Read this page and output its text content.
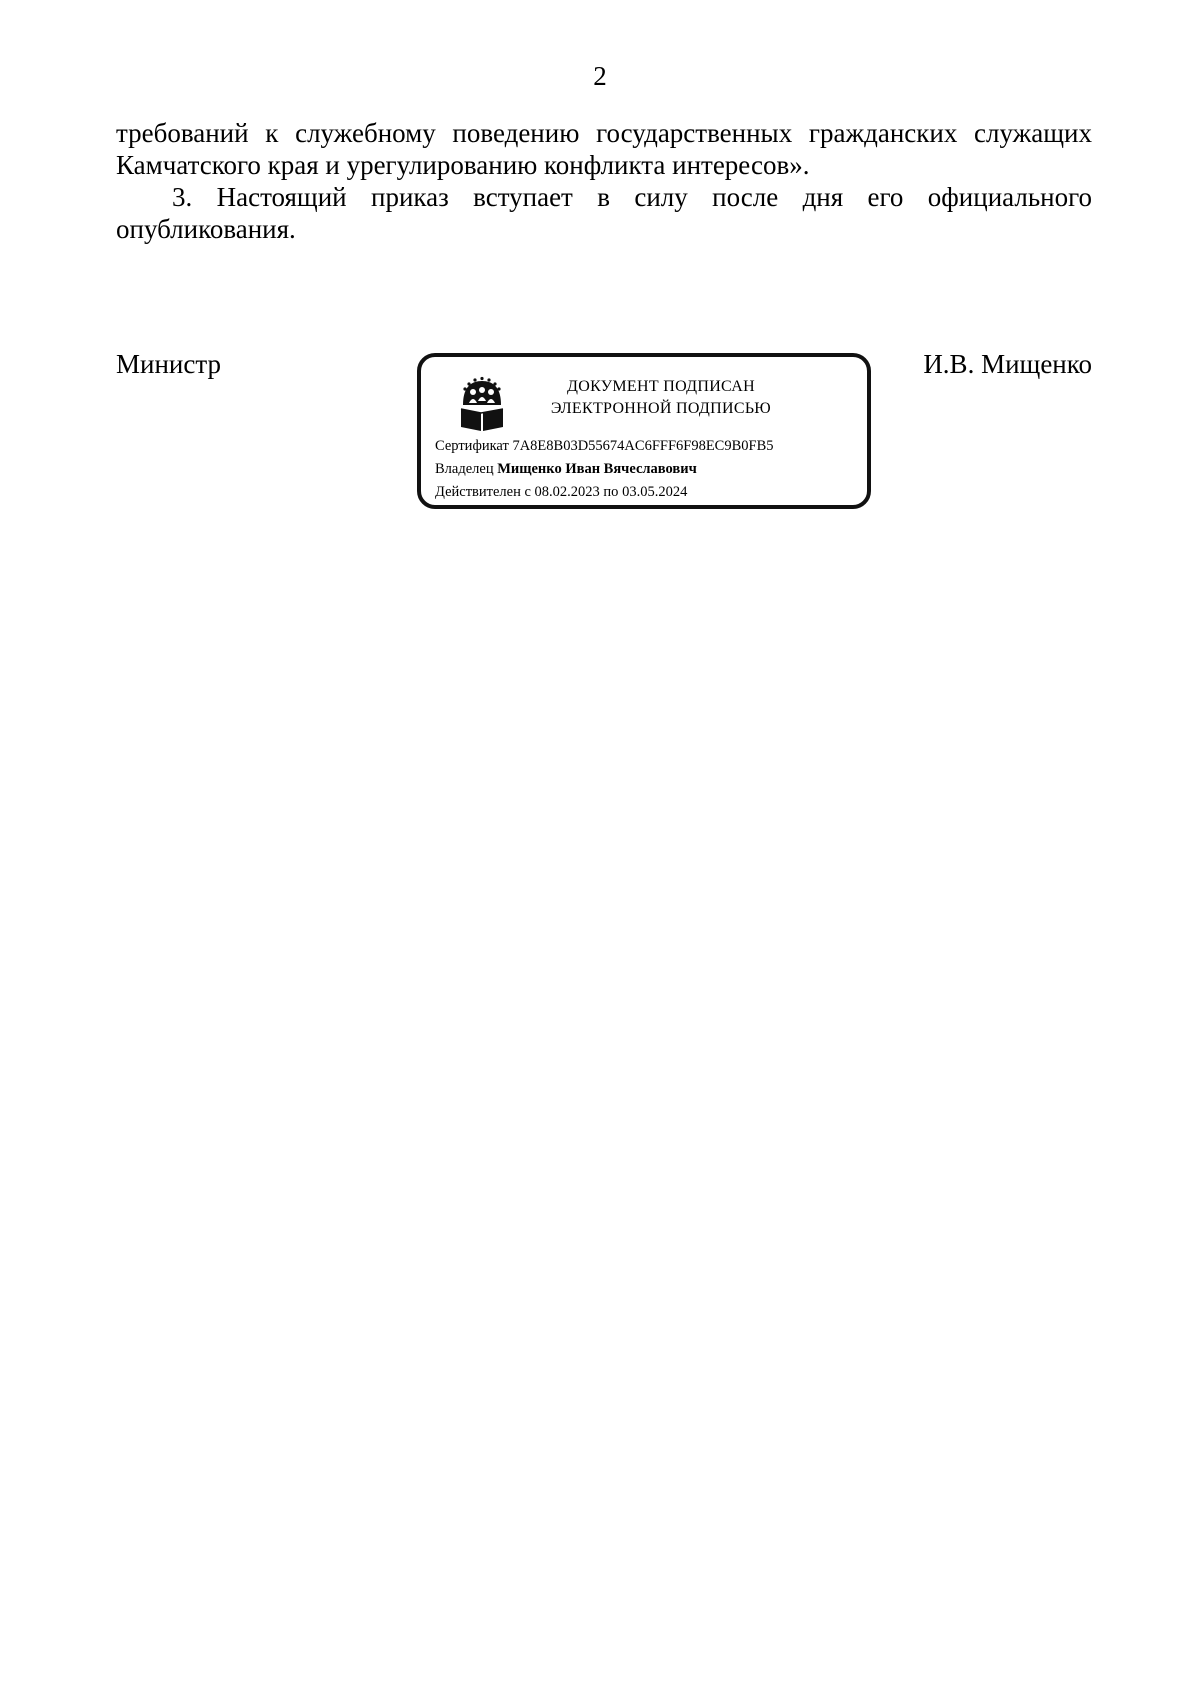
2

требований к служебному поведению государственных гражданских служащих Камчатского края и урегулированию конфликта интересов».

3. Настоящий приказ вступает в силу после дня его официального опубликования.

Министр
ДОКУМЕНТ ПОДПИСАН
ЭЛЕКТРОННОЙ ПОДПИСЬЮ
Сертификат 7A8E8B03D55674AC6FFF6F98EC9B0FB5
Владелец Мищенко Иван Вячеславович
Действителен с 08.02.2023 по 03.05.2024
И.В. Мищенко
